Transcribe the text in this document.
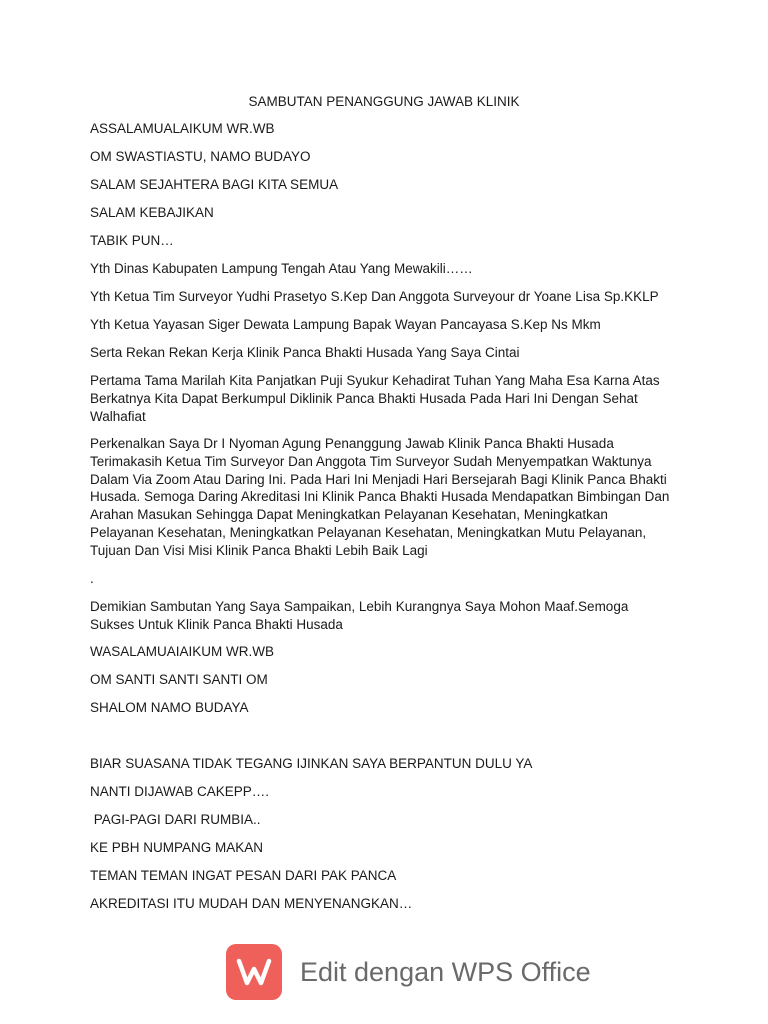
SAMBUTAN PENANGGUNG JAWAB KLINIK

ASSALAMUALAIKUM WR.WB

OM SWASTIASTU, NAMO BUDAYO

SALAM SEJAHTERA BAGI KITA SEMUA

SALAM KEBAJIKAN

TABIK PUN…

Yth Dinas Kabupaten Lampung Tengah Atau Yang Mewakili……

Yth Ketua Tim Surveyor Yudhi Prasetyo S.Kep Dan Anggota Surveyour dr Yoane Lisa Sp.KKLP

Yth Ketua Yayasan Siger Dewata Lampung Bapak Wayan Pancayasa S.Kep Ns Mkm

Serta Rekan Rekan Kerja Klinik Panca Bhakti Husada Yang Saya Cintai

Pertama Tama Marilah Kita Panjatkan Puji Syukur Kehadirat Tuhan Yang Maha Esa Karna Atas
Berkatnya Kita Dapat Berkumpul Diklinik Panca Bhakti Husada Pada Hari Ini Dengan Sehat
Walhafiat
Perkenalkan Saya Dr I Nyoman Agung Penanggung Jawab Klinik Panca Bhakti Husada
Terimakasih Ketua Tim Surveyor Dan Anggota Tim Surveyor Sudah Menyempatkan Waktunya
Dalam Via Zoom Atau Daring Ini. Pada Hari Ini Menjadi Hari Bersejarah Bagi Klinik Panca Bhakti
Husada. Semoga Daring Akreditasi Ini Klinik Panca Bhakti Husada Mendapatkan Bimbingan Dan
Arahan Masukan Sehingga Dapat Meningkatkan Pelayanan Kesehatan, Meningkatkan
Pelayanan Kesehatan, Meningkatkan Pelayanan Kesehatan, Meningkatkan Mutu Pelayanan,
Tujuan Dan Visi Misi Klinik Panca Bhakti Lebih Baik Lagi

.

Demikian Sambutan Yang Saya Sampaikan, Lebih Kurangnya Saya Mohon Maaf.Semoga
Sukses Untuk Klinik Panca Bhakti Husada

WASALAMUAIAIKUM WR.WB

OM SANTI SANTI SANTI OM

SHALOM NAMO BUDAYA

BIAR SUASANA TIDAK TEGANG IJINKAN SAYA BERPANTUN DULU YA

NANTI DIJAWAB CAKEPP….

PAGI-PAGI DARI RUMBIA..

KE PBH NUMPANG MAKAN

TEMAN TEMAN INGAT PESAN DARI PAK PANCA

AKREDITASI ITU MUDAH DAN MENYENANGKAN…

Edit dengan WPS Office
